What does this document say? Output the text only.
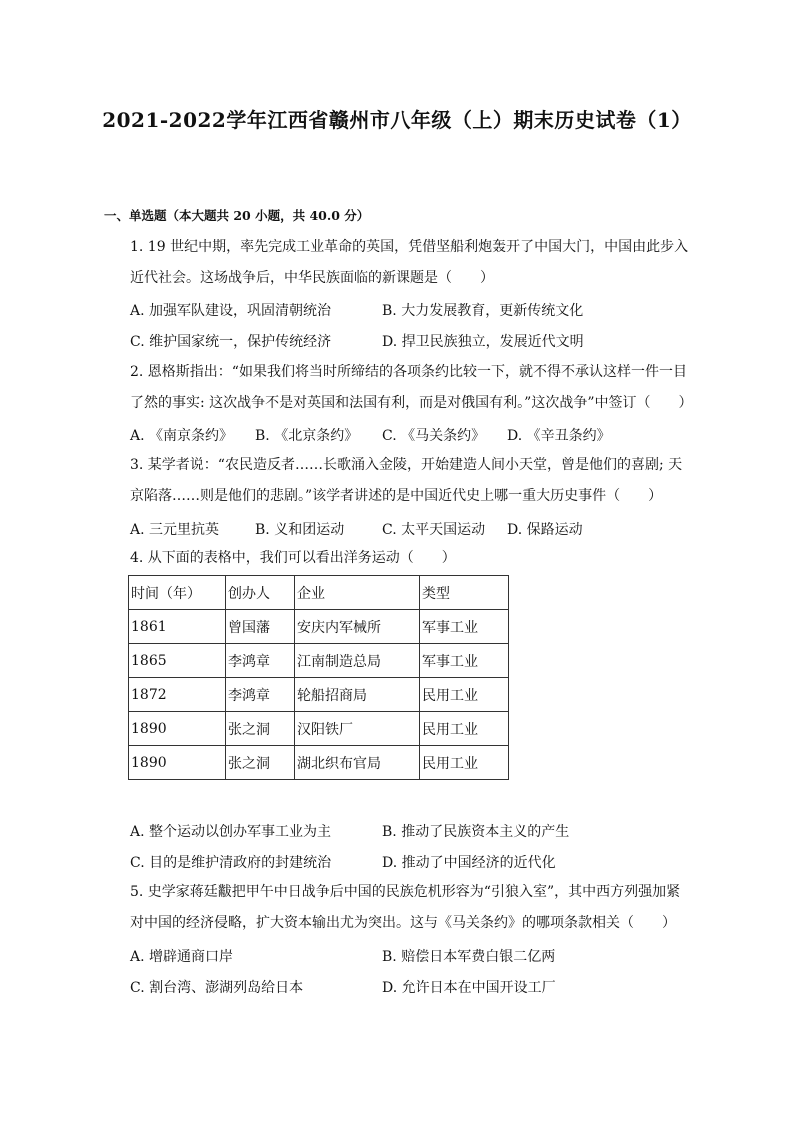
2021-2022学年江西省赣州市八年级（上）期末历史试卷（1）
一、单选题（本大题共 20 小题，共 40.0 分）
1. 19 世纪中期，率先完成工业革命的英国，凭借坚船利炮轰开了中国大门，中国由此步入
近代社会。这场战争后，中华民族面临的新课题是（　　）
A. 加强军队建设，巩固清朝统治	B. 大力发展教育，更新传统文化
C. 维护国家统一，保护传统经济	D. 捍卫民族独立，发展近代文明
2. 恩格斯指出：“如果我们将当时所缔结的各项条约比较一下，就不得不承认这样一件一目
了然的事实: 这次战争不是对英国和法国有利，而是对俄国有利。”这次战争”中签订（　　）
A. 《南京条约》 B. 《北京条约》 C. 《马关条约》 D. 《辛丑条约》
3. 某学者说：“农民造反者……长歌涌入金陵，开始建造人间小天堂，曾是他们的喜剧; 天
京陷落……则是他们的悲剧。”该学者讲述的是中国近代史上哪一重大历史事件（　　）
A. 三元里抗英	B. 义和团运动	C. 太平天国运动 D. 保路运动
4. 从下面的表格中，我们可以看出洋务运动（　　）
时间（年）	创办人	企业	类型
1861	曾国藩	安庆内军械所	军事工业
1865	李鸿章	江南制造总局	军事工业
1872	李鸿章	轮船招商局	民用工业
1890	张之洞	汉阳铁厂	民用工业
1890	张之洞	湖北织布官局	民用工业
A. 整个运动以创办军事工业为主	B. 推动了民族资本主义的产生
C. 目的是维护清政府的封建统治	D. 推动了中国经济的近代化
5. 史学家蒋廷黻把甲午中日战争后中国的民族危机形容为“引狼入室”，其中西方列强加紧
对中国的经济侵略，扩大资本输出尤为突出。这与《马关条约》的哪项条款相关（　　）
A. 增辟通商口岸	B. 赔偿日本军费白银二亿两
C. 割台湾、澎湖列岛给日本	D. 允许日本在中国开设工厂
